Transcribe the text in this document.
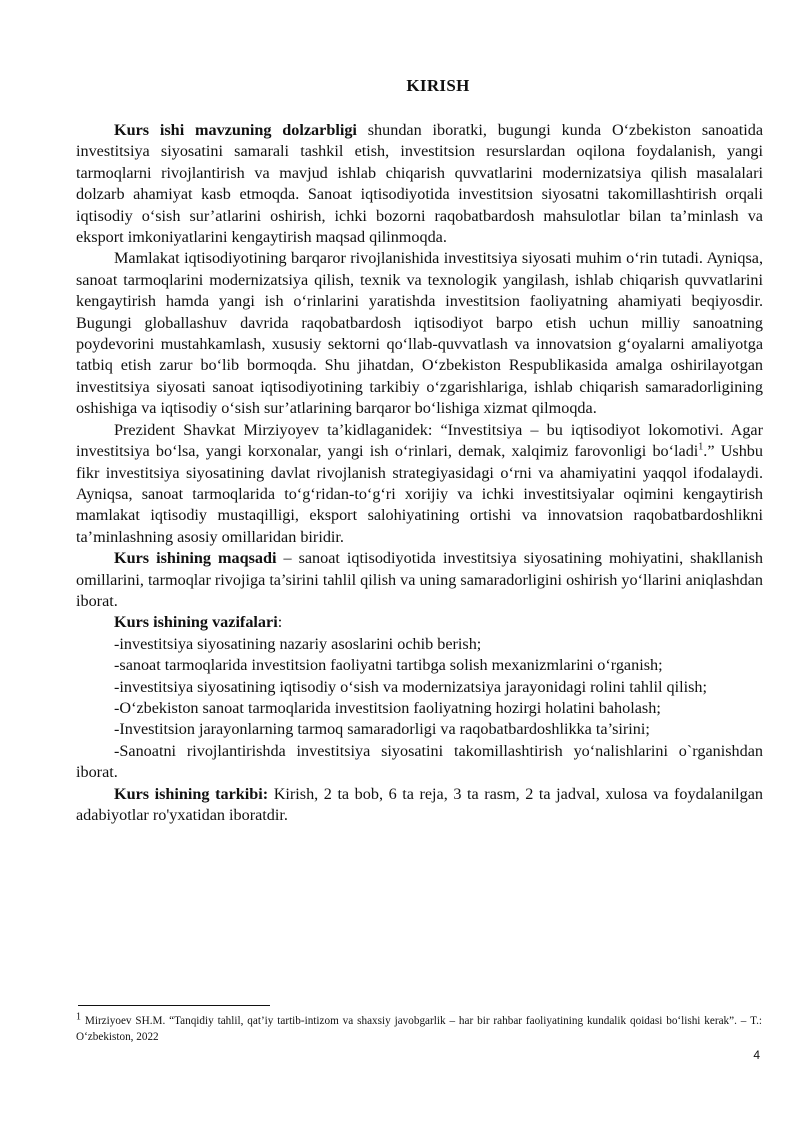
KIRISH

Kurs ishi mavzuning dolzarbligi shundan iboratki, bugungi kunda O‘zbekiston sanoatida investitsiya siyosatini samarali tashkil etish, investitsion resurslardan oqilona foydalanish, yangi tarmoqlarni rivojlantirish va mavjud ishlab chiqarish quvvatlarini modernizatsiya qilish masalalari dolzarb ahamiyat kasb etmoqda. Sanoat iqtisodiyotida investitsion siyosatni takomillashtirish orqali iqtisodiy o‘sish sur’atlarini oshirish, ichki bozorni raqobatbardosh mahsulotlar bilan ta’minlash va eksport imkoniyatlarini kengaytirish maqsad qilinmoqda.

Mamlakat iqtisodiyotining barqaror rivojlanishida investitsiya siyosati muhim o‘rin tutadi. Ayniqsa, sanoat tarmoqlarini modernizatsiya qilish, texnik va texnologik yangilash, ishlab chiqarish quvvatlarini kengaytirish hamda yangi ish o‘rinlarini yaratishda investitsion faoliyatning ahamiyati beqiyosdir. Bugungi globallashuv davrida raqobatbardosh iqtisodiyot barpo etish uchun milliy sanoatning poydevorini mustahkamlash, xususiy sektorni qo‘llab-quvvatlash va innovatsion g‘oyalarni amaliyotga tatbiq etish zarur bo‘lib bormoqda. Shu jihatdan, O‘zbekiston Respublikasida amalga oshirilayotgan investitsiya siyosati sanoat iqtisodiyotining tarkibiy o‘zgarishlariga, ishlab chiqarish samaradorligining oshishiga va iqtisodiy o‘sish sur’atlarining barqaror bo‘lishiga xizmat qilmoqda.

Prezident Shavkat Mirziyoyev ta’kidlaganidek: “Investitsiya – bu iqtisodiyot lokomotivi. Agar investitsiya bo‘lsa, yangi korxonalar, yangi ish o‘rinlari, demak, xalqimiz farovonligi bo‘ladi$^1$.” Ushbu fikr investitsiya siyosatining davlat rivojlanish strategiyasidagi o‘rni va ahamiyatini yaqqol ifodalaydi. Ayniqsa, sanoat tarmoqlarida to‘g‘ridan-to‘g‘ri xorijiy va ichki investitsiyalar oqimini kengaytirish mamlakat iqtisodiy mustaqilligi, eksport salohiyatining ortishi va innovatsion raqobatbardoshlikni ta’minlashning asosiy omillaridan biridir.

Kurs ishining maqsadi – sanoat iqtisodiyotida investitsiya siyosatining mohiyatini, shakllanish omillarini, tarmoqlar rivojiga ta’sirini tahlil qilish va uning samaradorligini oshirish yo‘llarini aniqlashdan iborat.

Kurs ishining vazifalari:

-investitsiya siyosatining nazariy asoslarini ochib berish;

-sanoat tarmoqlarida investitsion faoliyatni tartibga solish mexanizmlarini o‘rganish;

-investitsiya siyosatining iqtisodiy o‘sish va modernizatsiya jarayonidagi rolini tahlil qilish;

-O‘zbekiston sanoat tarmoqlarida investitsion faoliyatning hozirgi holatini baholash;

-Investitsion jarayonlarning tarmoq samaradorligi va raqobatbardoshlikka ta’sirini;

-Sanoatni rivojlantirishda investitsiya siyosatini takomillashtirish yo‘nalishlarini o`rganishdan iborat.

Kurs ishining tarkibi: Kirish, 2 ta bob, 6 ta reja, 3 ta rasm, 2 ta jadval, xulosa va foydalanilgan adabiyotlar ro'yxatidan iboratdir.

$^1$ Mirziyoev SH.M. “Tanqidiy tahlil, qat’iy tartib-intizom va shaxsiy javobgarlik – har bir rahbar faoliyatining kundalik qoidasi bo‘lishi kerak”. – T.: O‘zbekiston, 2022
4
